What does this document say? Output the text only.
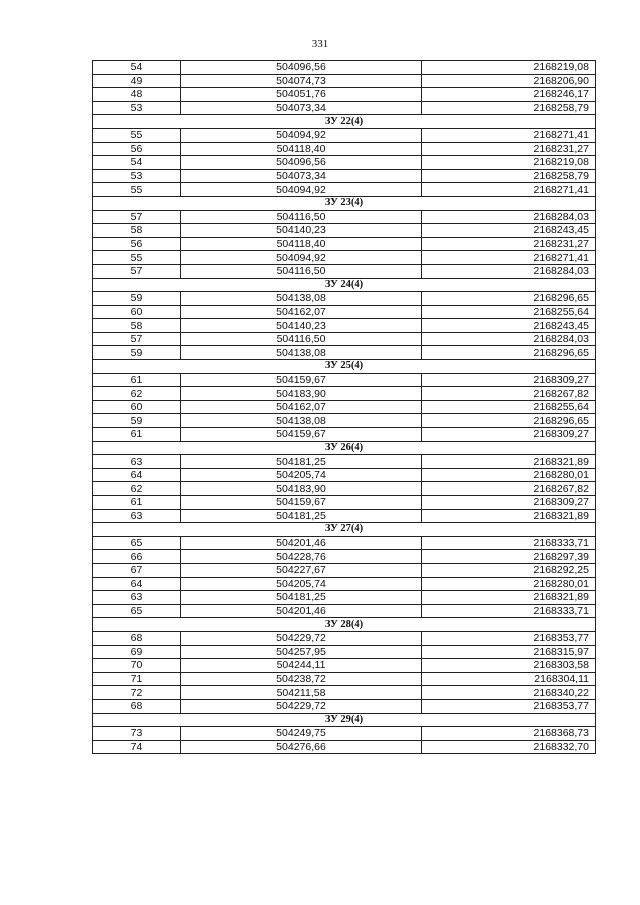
331
54	504096,56	2168219,08
49	504074,73	2168206,90
48	504051,76	2168246,17
53	504073,34	2168258,79
ЗУ 22(4)		
55	504094,92	2168271,41
56	504118,40	2168231,27
54	504096,56	2168219,08
53	504073,34	2168258,79
55	504094,92	2168271,41
ЗУ 23(4)		
57	504116,50	2168284,03
58	504140,23	2168243,45
56	504118,40	2168231,27
55	504094,92	2168271,41
57	504116,50	2168284,03
ЗУ 24(4)		
59	504138,08	2168296,65
60	504162,07	2168255,64
58	504140,23	2168243,45
57	504116,50	2168284,03
59	504138,08	2168296,65
ЗУ 25(4)		
61	504159,67	2168309,27
62	504183,90	2168267,82
60	504162,07	2168255,64
59	504138,08	2168296,65
61	504159,67	2168309,27
ЗУ 26(4)		
63	504181,25	2168321,89
64	504205,74	2168280,01
62	504183,90	2168267,82
61	504159,67	2168309,27
63	504181,25	2168321,89
ЗУ 27(4)		
65	504201,46	2168333,71
66	504228,76	2168297,39
67	504227,67	2168292,25
64	504205,74	2168280,01
63	504181,25	2168321,89
65	504201,46	2168333,71
ЗУ 28(4)		
68	504229,72	2168353,77
69	504257,95	2168315,97
70	504244,11	2168303,58
71	504238,72	2168304,11
72	504211,58	2168340,22
68	504229,72	2168353,77
ЗУ 29(4)		
73	504249,75	2168368,73
74	504276,66	2168332,70
